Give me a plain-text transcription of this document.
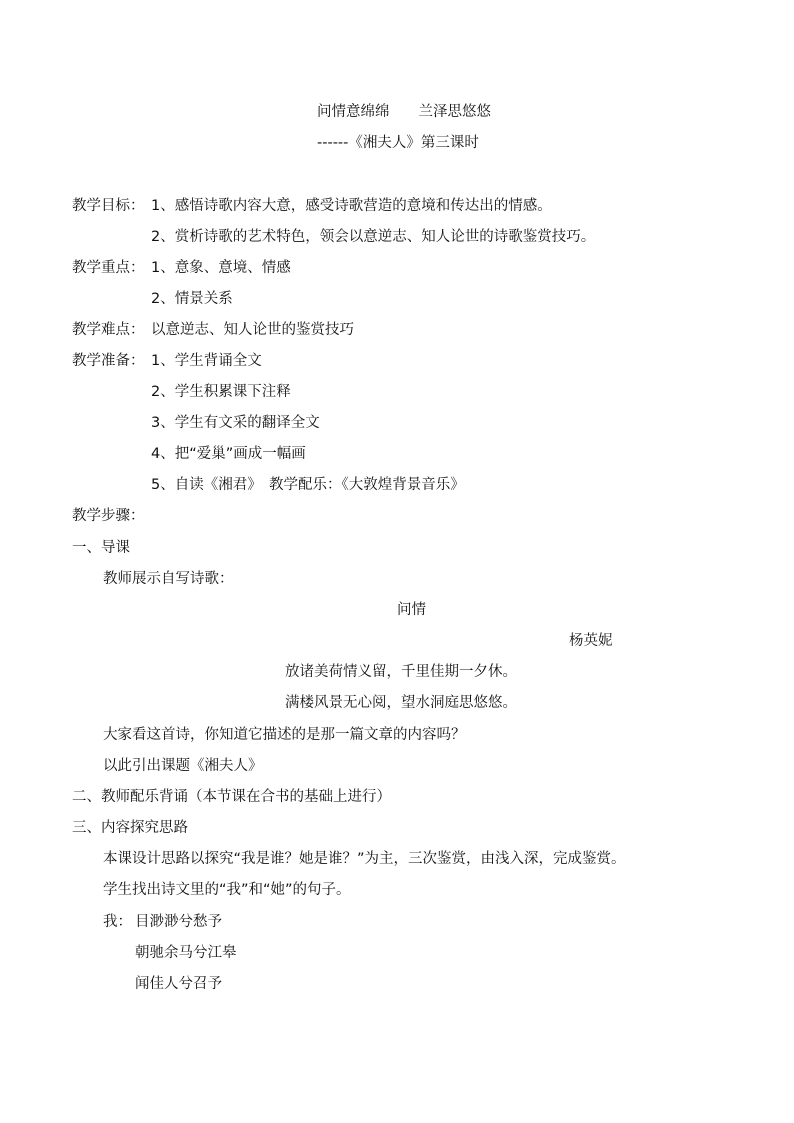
问情意绵绵　　兰泽思悠悠
------《湘夫人》第三课时
教学目标： 1、感悟诗歌内容大意，感受诗歌营造的意境和传达出的情感。
2、赏析诗歌的艺术特色，领会以意逆志、知人论世的诗歌鉴赏技巧。
教学重点： 1、意象、意境、情感
2、情景关系
教学难点： 以意逆志、知人论世的鉴赏技巧
教学准备： 1、学生背诵全文
2、学生积累课下注释
3、学生有文采的翻译全文
4、把“爱巢”画成一幅画
5、自读《湘君》　教学配乐：《大敦煌背景音乐》
教学步骤：
一、导课
教师展示自写诗歌：
问情
杨英妮
放诸美荷情义留，千里佳期一夕休。
满楼风景无心阅，望水洞庭思悠悠。
大家看这首诗，你知道它描述的是那一篇文章的内容吗？
以此引出课题《湘夫人》
二、教师配乐背诵（本节课在合书的基础上进行）
三、内容探究思路
本课设计思路以探究“我是谁？她是谁？”为主，三次鉴赏，由浅入深，完成鉴赏。
学生找出诗文里的“我”和“她”的句子。
我： 目渺渺兮愁予
朝驰余马兮江皋
闻佳人兮召予
